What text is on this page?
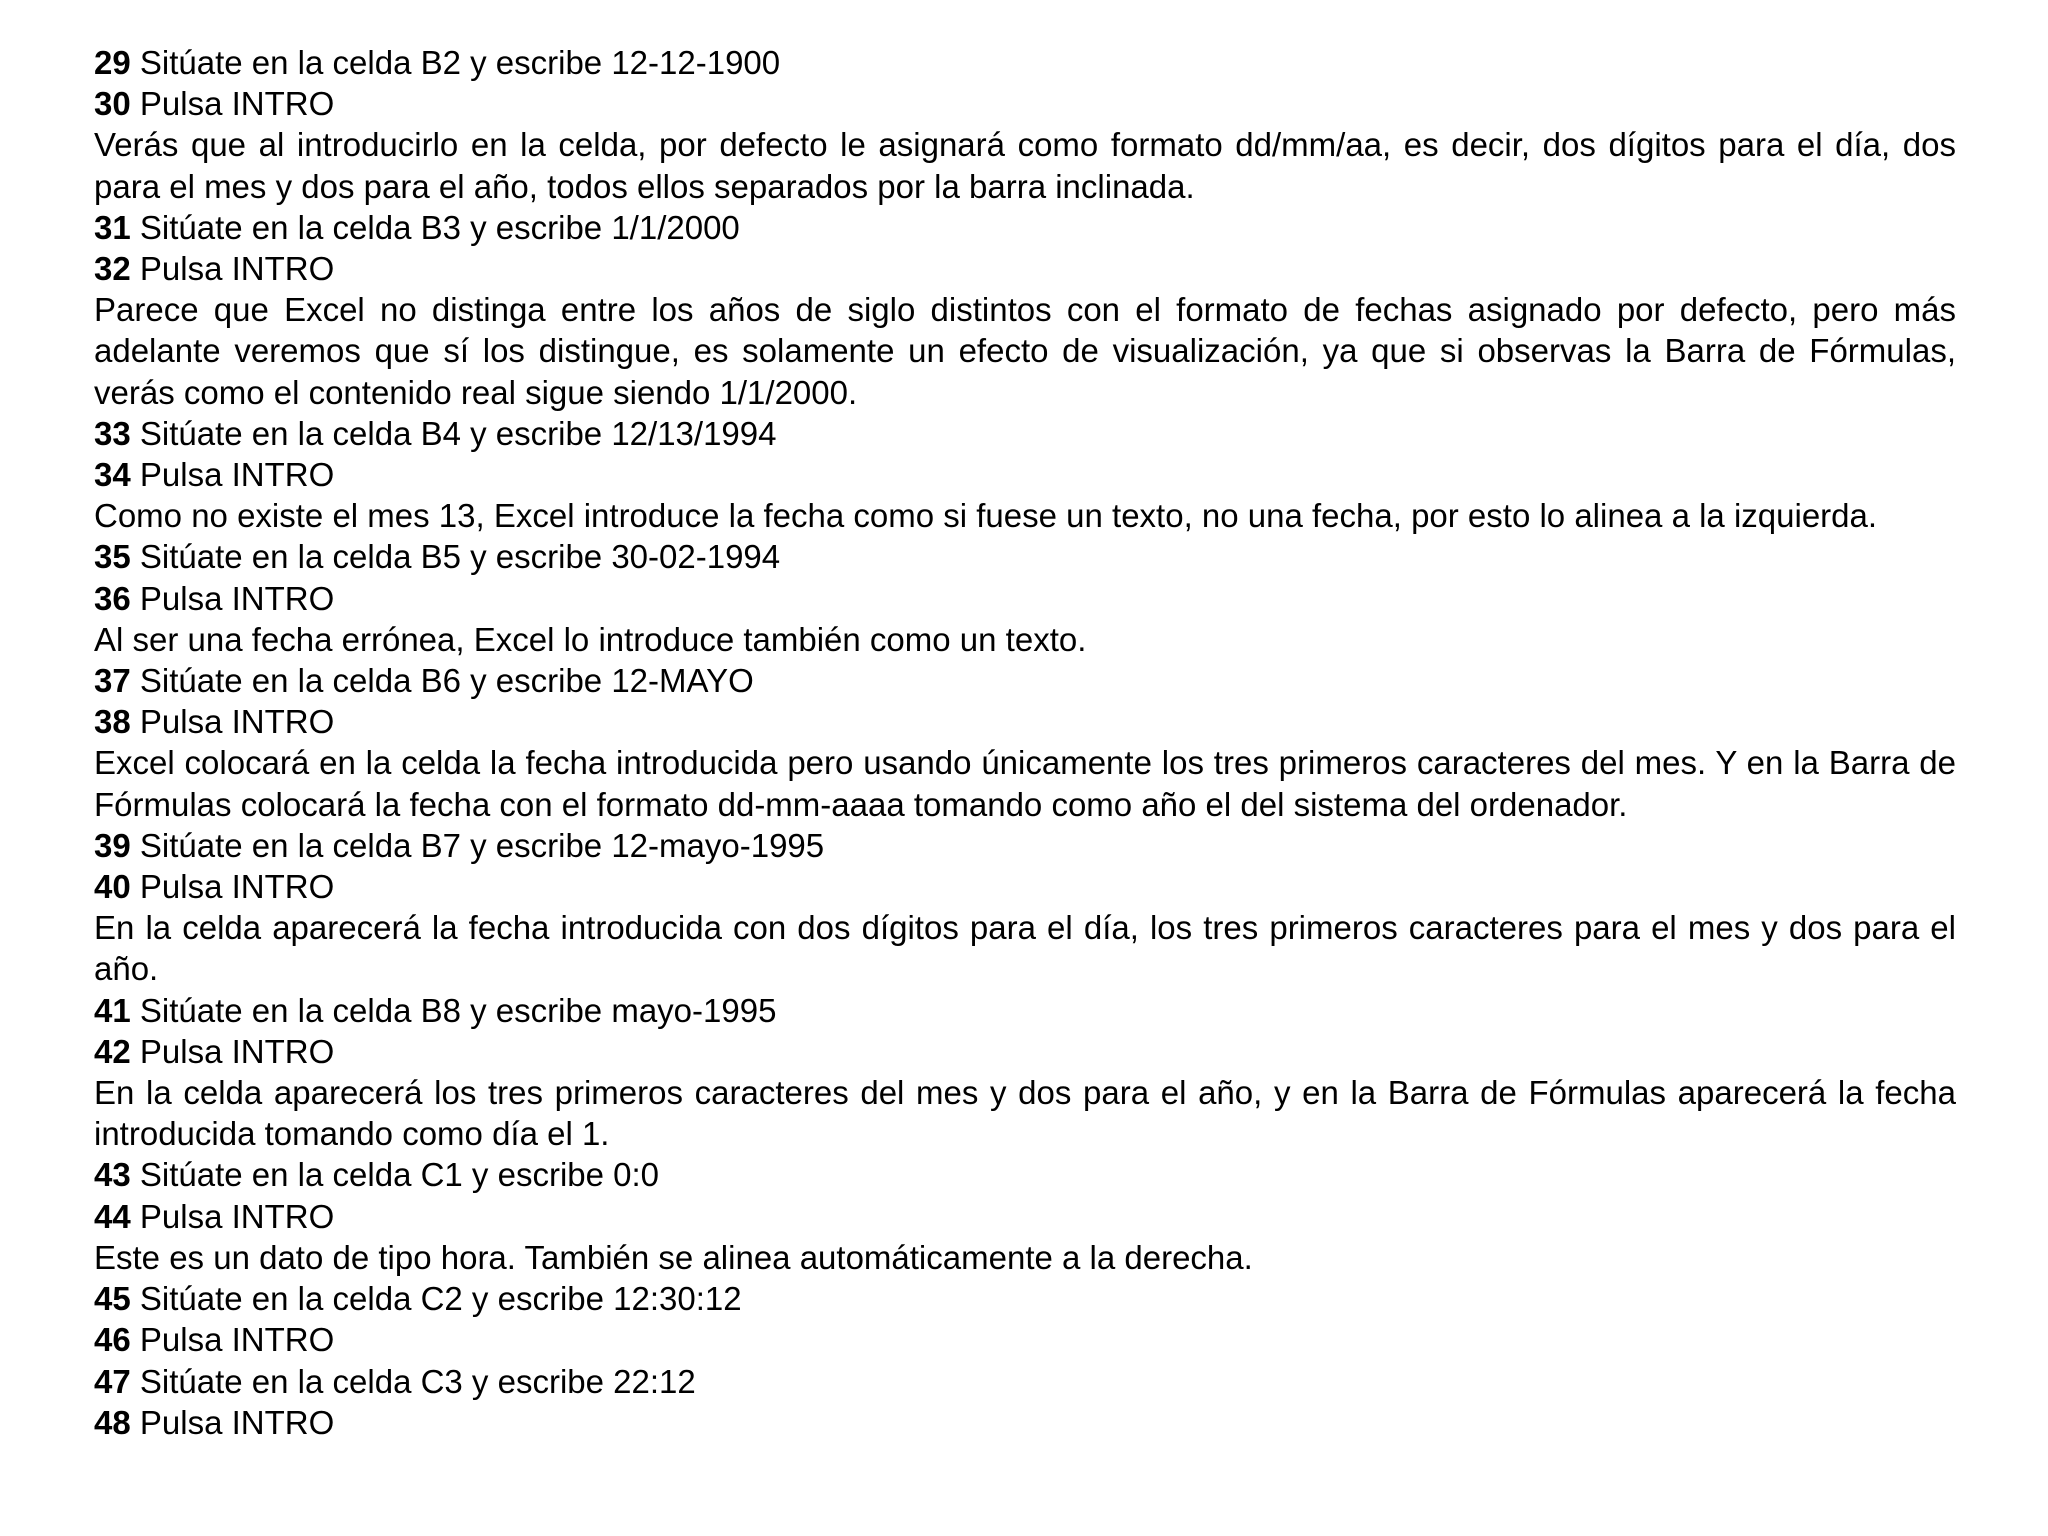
29 Sitúate en la celda B2 y escribe 12-12-1900

30 Pulsa INTRO

Verás que al introducirlo en la celda, por defecto le asignará como formato dd/mm/aa, es decir, dos dígitos para el día, dos para el mes y dos para el año, todos ellos separados por la barra inclinada.

31 Sitúate en la celda B3 y escribe 1/1/2000

32 Pulsa INTRO

Parece que Excel no distinga entre los años de siglo distintos con el formato de fechas asignado por defecto, pero más adelante veremos que sí los distingue, es solamente un efecto de visualización, ya que si observas la Barra de Fórmulas, verás como el contenido real sigue siendo 1/1/2000.

33 Sitúate en la celda B4 y escribe 12/13/1994

34 Pulsa INTRO

Como no existe el mes 13, Excel introduce la fecha como si fuese un texto, no una fecha, por esto lo alinea a la izquierda.

35 Sitúate en la celda B5 y escribe 30-02-1994

36 Pulsa INTRO

Al ser una fecha errónea, Excel lo introduce también como un texto.

37 Sitúate en la celda B6 y escribe 12-MAYO

38 Pulsa INTRO

Excel colocará en la celda la fecha introducida pero usando únicamente los tres primeros caracteres del mes. Y en la Barra de Fórmulas colocará la fecha con el formato dd-mm-aaaa tomando como año el del sistema del ordenador.

39 Sitúate en la celda B7 y escribe 12-mayo-1995

40 Pulsa INTRO

En la celda aparecerá la fecha introducida con dos dígitos para el día, los tres primeros caracteres para el mes y dos para el año.

41 Sitúate en la celda B8 y escribe mayo-1995

42 Pulsa INTRO

En la celda aparecerá los tres primeros caracteres del mes y dos para el año, y en la Barra de Fórmulas aparecerá la fecha introducida tomando como día el 1.

43 Sitúate en la celda C1 y escribe 0:0

44 Pulsa INTRO

Este es un dato de tipo hora. También se alinea automáticamente a la derecha.

45 Sitúate en la celda C2 y escribe 12:30:12

46 Pulsa INTRO

47 Sitúate en la celda C3 y escribe 22:12

48 Pulsa INTRO
